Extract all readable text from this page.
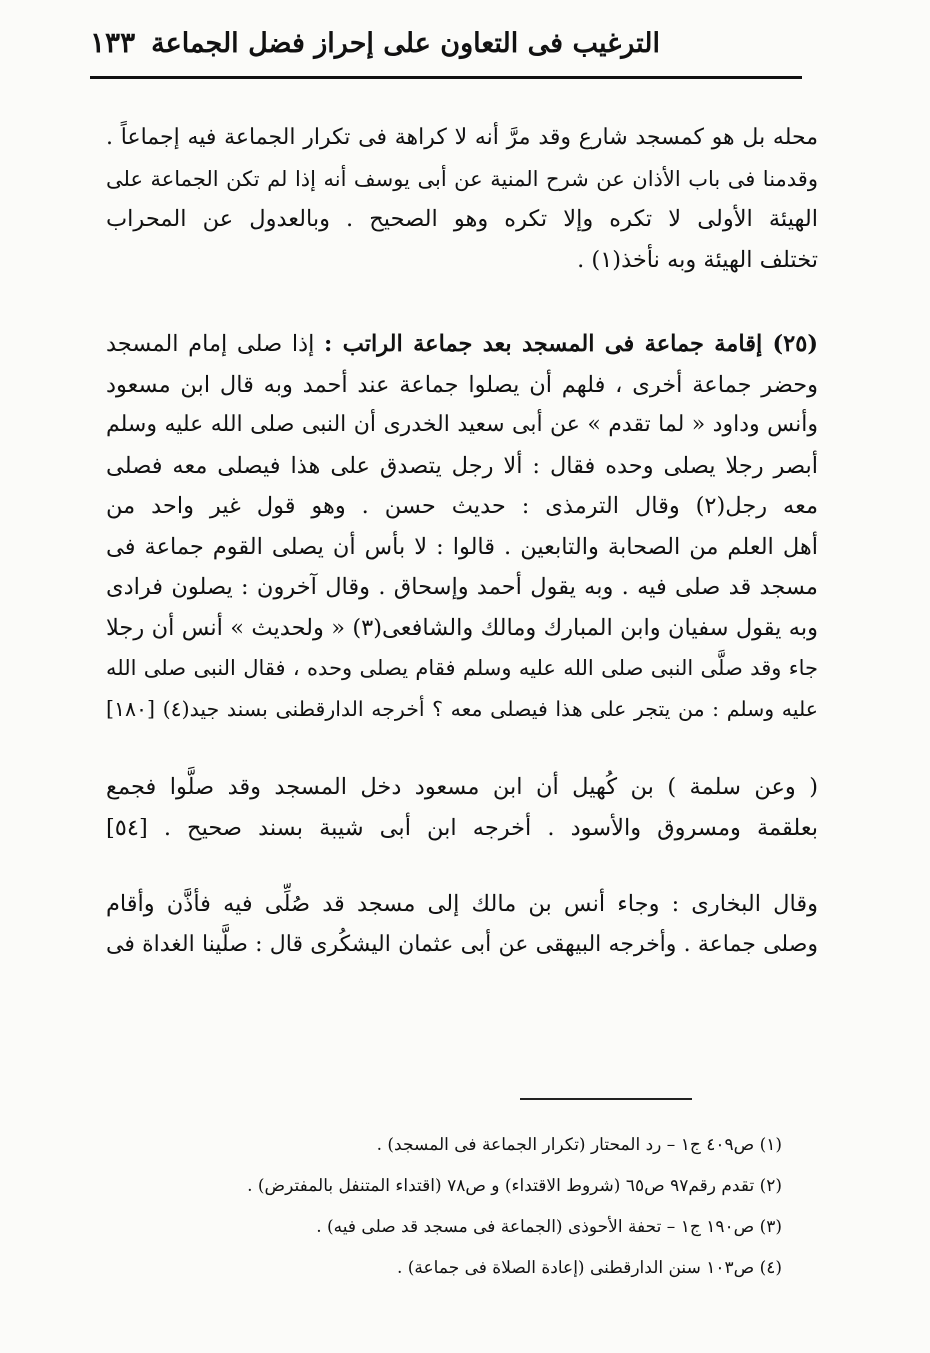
الترغيب فى التعاون على إحراز فضل الجماعة
١٣٣

محله بل هو كمسجد شارع وقد مرَّ أنه لا كراهة فى تكرار الجماعة فيه إجماعاً .
وقدمنا فى باب الأذان عن شرح المنية عن أبى يوسف أنه إذا لم تكن الجماعة على
الهيئة الأولى لا تكره وإلا تكره وهو الصحيح . وبالعدول عن المحراب
تختلف الهيئة وبه نأخذ(١) .

(٢٥) إقامة جماعة فى المسجد بعد جماعة الراتب : إذا صلى إمام المسجد
وحضر جماعة أخرى ، فلهم أن يصلوا جماعة عند أحمد وبه قال ابن مسعود
وأنس وداود « لما تقدم » عن أبى سعيد الخدرى أن النبى صلى الله عليه وسلم
أبصر رجلا يصلى وحده فقال : ألا رجل يتصدق على هذا فيصلى معه فصلى
معه رجل(٢) وقال الترمذى : حديث حسن . وهو قول غير واحد من
أهل العلم من الصحابة والتابعين . قالوا : لا بأس أن يصلى القوم جماعة فى
مسجد قد صلى فيه . وبه يقول أحمد وإسحاق . وقال آخرون : يصلون فرادى
وبه يقول سفيان وابن المبارك ومالك والشافعى(٣) « ولحديث » أنس أن رجلا
جاء وقد صلَّى النبى صلى الله عليه وسلم فقام يصلى وحده ، فقال النبى صلى الله
عليه وسلم : من يتجر على هذا فيصلى معه ؟ أخرجه الدارقطنى بسند جيد(٤) [١٨٠]

( وعن سلمة ) بن كُهيل أن ابن مسعود دخل المسجد وقد صلَّوا فجمع
بعلقمة ومسروق والأسود . أخرجه ابن أبى شيبة بسند صحيح . [٥٤]

وقال البخارى : وجاء أنس بن مالك إلى مسجد قد صُلِّى فيه فأذَّن وأقام
وصلى جماعة . وأخرجه البيهقى عن أبى عثمان اليشكُرى قال : صلَّينا الغداة فى

(١) ص٤٠٩ ج١ – رد المحتار (تكرار الجماعة فى المسجد) .
(٢) تقدم رقم٩٧ ص٦٥ (شروط الاقتداء) و ص٧٨ (اقتداء المتنفل بالمفترض) .
(٣) ص١٩٠ ج١ – تحفة الأحوذى (الجماعة فى مسجد قد صلى فيه) .
(٤) ص١٠٣ سنن الدارقطنى (إعادة الصلاة فى جماعة) .
